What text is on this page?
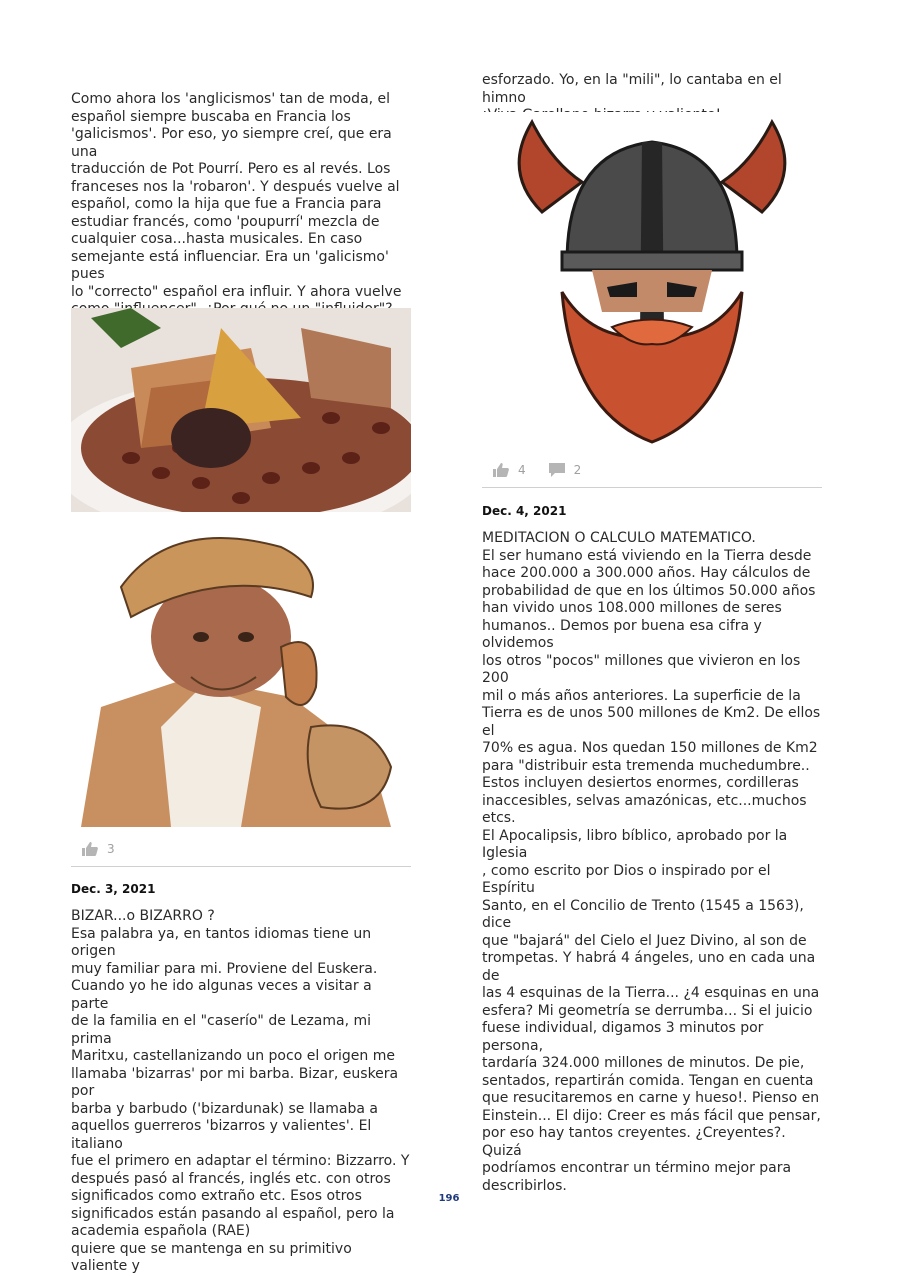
Como ahora los 'anglicismos' tan de moda, el
español siempre buscaba en Francia los
'galicismos'. Por eso, yo siempre creí, que era una
traducción de Pot Pourrí. Pero es al revés. Los
franceses nos la 'robaron'. Y después vuelve al
español, como la hija que fue a Francia para
estudiar francés, como 'poupurrí' mezcla de
cualquier cosa...hasta musicales. En caso
semejante está influenciar. Era un 'galicismo' pues
lo "correcto" español era influir. Y ahora vuelve

3
Dec. 3, 2021

BIZAR...o BIZARRO ?
Esa palabra ya, en tantos idiomas tiene un origen
muy familiar para mi. Proviene del Euskera.
Cuando yo he ido algunas veces a visitar a parte
de la familia en el "caserío" de Lezama, mi prima
Maritxu, castellanizando un poco el origen me
llamaba 'bizarras' por mi barba. Bizar, euskera por
barba y barbudo ('bizardunak) se llamaba a
aquellos guerreros 'bizarros y valientes'. El italiano
fue el primero en adaptar el término: Bizzarro. Y
después pasó al francés, inglés etc. con otros
significados como extraño etc. Esos otros
significados están pasando al español, pero la
academia española (RAE)
quiere que se mantenga en su primitivo valiente y

esforzado. Yo, en la "mili", lo cantaba en el himno

4	2
Dec. 4, 2021

MEDITACION O CALCULO MATEMATICO.
El ser humano está viviendo en la Tierra desde
hace 200.000 a 300.000 años. Hay cálculos de
probabilidad de que en los últimos 50.000 años
han vivido unos 108.000 millones de seres
humanos.. Demos por buena esa cifra y olvidemos
los otros "pocos" millones que vivieron en los 200
mil o más años anteriores. La superficie de la
Tierra es de unos 500 millones de Km2. De ellos el
70% es agua. Nos quedan 150 millones de Km2
para "distribuir esta tremenda muchedumbre..
Estos incluyen desiertos enormes, cordilleras
inaccesibles, selvas amazónicas, etc...muchos etcs.
El Apocalipsis, libro bíblico, aprobado por la Iglesia
, como escrito por Dios o inspirado por el Espíritu
Santo, en el Concilio de Trento (1545 a 1563), dice
que "bajará" del Cielo el Juez Divino, al son de
trompetas. Y habrá 4 ángeles, uno en cada una de
las 4 esquinas de la Tierra... ¿4 esquinas en una
esfera? Mi geometría se derrumba... Si el juicio
fuese individual, digamos 3 minutos por persona,
tardaría 324.000 millones de minutos. De pie,
sentados, repartirán comida. Tengan en cuenta
que resucitaremos en carne y hueso!. Pienso en
Einstein... El dijo: Creer es más fácil que pensar,
por eso hay tantos creyentes. ¿Creyentes?. Quizá
podríamos encontrar un término mejor para
describirlos.

196
